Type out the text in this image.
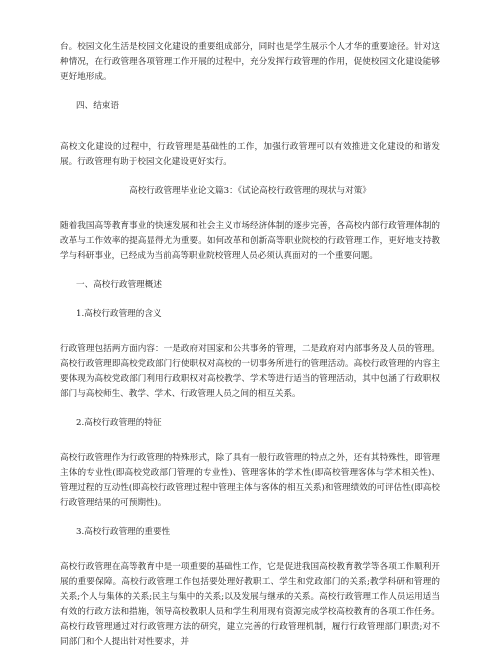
台。校园文化生活是校园文化建设的重要组成部分，同时也是学生展示个人才华的重要途径。针对这种情况，在行政管理各项管理工作开展的过程中，充分发挥行政管理的作用，促使校园文化建设能够更好地形成。

四、结束语

高校文化建设的过程中，行政管理是基础性的工作，加强行政管理可以有效推进文化建设的和谐发展。行政管理有助于校园文化建设更好实行。

高校行政管理毕业论文篇3：《试论高校行政管理的现状与对策》

随着我国高等教育事业的快速发展和社会主义市场经济体制的逐步完善，各高校内部行政管理体制的改革与工作效率的提高显得尤为重要。如何改革和创新高等职业院校的行政管理工作，更好地支持教学与科研事业，已经成为当前高等职业院校管理人员必须认真面对的一个重要问题。

一、高校行政管理概述

1.高校行政管理的含义

行政管理包括两方面内容：一是政府对国家和公共事务的管理，二是政府对内部事务及人员的管理。高校行政管理即高校党政部门行使职权对高校的一切事务所进行的管理活动。高校行政管理的内容主要体现为高校党政部门利用行政职权对高校教学、学术等进行适当的管理活动，其中包涵了行政职权部门与高校师生、教学、学术、行政管理人员之间的相互关系。

2.高校行政管理的特征

高校行政管理作为行政管理的特殊形式，除了具有一般行政管理的特点之外，还有其特殊性，即管理主体的专业性(即高校党政部门管理的专业性)、管理客体的学术性(即高校管理客体与学术相关性)、管理过程的互动性(即高校行政管理过程中管理主体与客体的相互关系)和管理绩效的可评估性(即高校行政管理结果的可预期性)。

3.高校行政管理的重要性

高校行政管理在高等教育中是一项重要的基础性工作，它是促进我国高校教育教学等各项工作顺利开展的重要保障。高校行政管理工作包括要处理好教职工、学生和党政部门的关系;教学科研和管理的关系;个人与集体的关系;民主与集中的关系;以及发展与继承的关系。高校行政管理工作人员运用适当有效的行政方法和措施，领导高校教职人员和学生利用现有资源完成学校高校教育的各项工作任务。高校行政管理通过对行政管理方法的研究，建立完善的行政管理机制，履行行政管理部门职责;对不同部门和个人提出针对性要求，并
